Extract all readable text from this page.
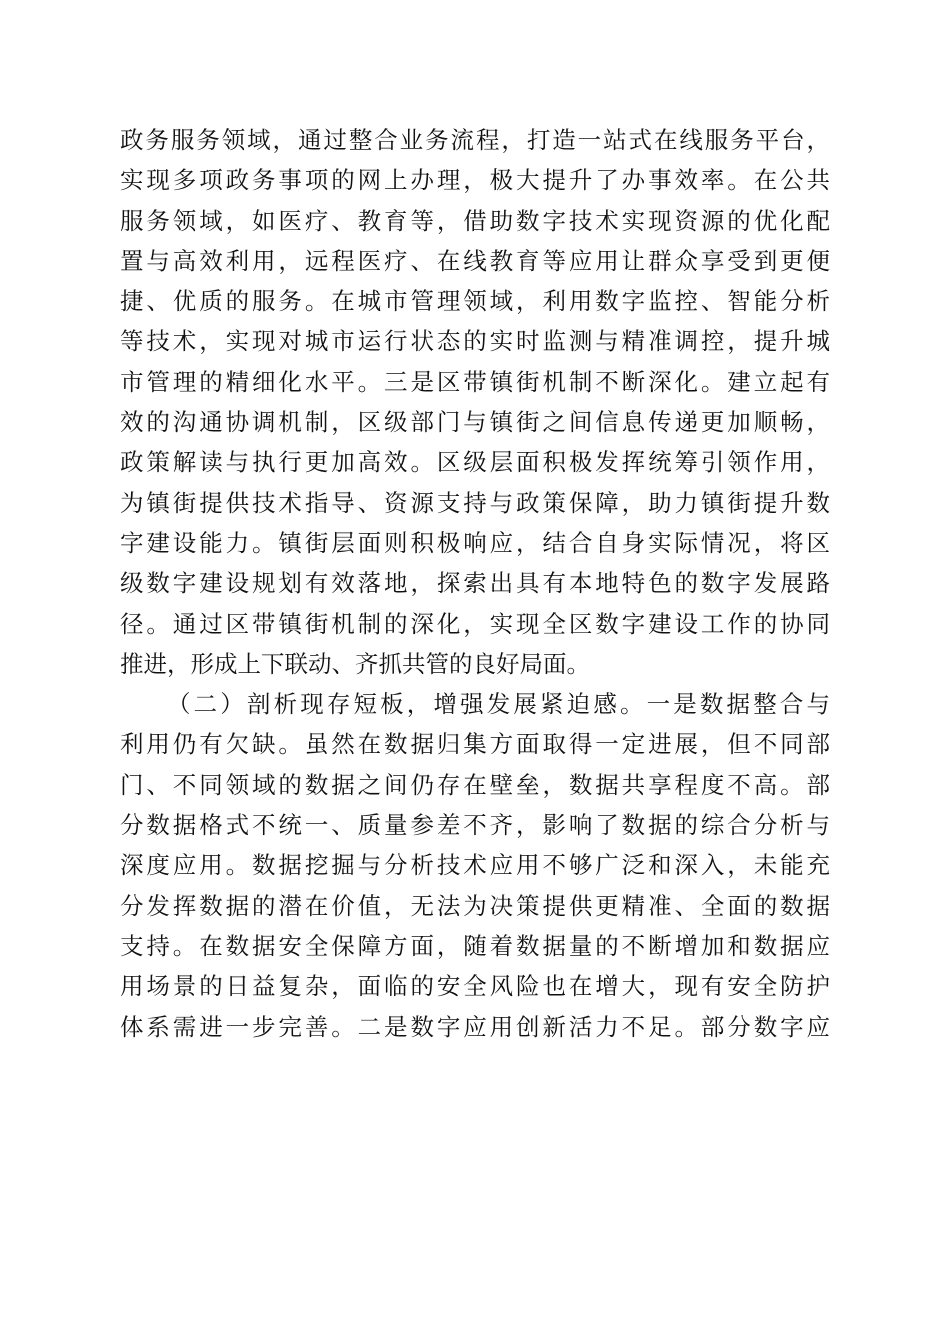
政务服务领域，通过整合业务流程，打造一站式在线服务平台，
实现多项政务事项的网上办理，极大提升了办事效率。在公共
服务领域，如医疗、教育等，借助数字技术实现资源的优化配
置与高效利用，远程医疗、在线教育等应用让群众享受到更便
捷、优质的服务。在城市管理领域，利用数字监控、智能分析
等技术，实现对城市运行状态的实时监测与精准调控，提升城
市管理的精细化水平。三是区带镇街机制不断深化。建立起有
效的沟通协调机制，区级部门与镇街之间信息传递更加顺畅，
政策解读与执行更加高效。区级层面积极发挥统筹引领作用，
为镇街提供技术指导、资源支持与政策保障，助力镇街提升数
字建设能力。镇街层面则积极响应，结合自身实际情况，将区
级数字建设规划有效落地，探索出具有本地特色的数字发展路
径。通过区带镇街机制的深化，实现全区数字建设工作的协同
推进，形成上下联动、齐抓共管的良好局面。
（二）剖析现存短板，增强发展紧迫感。一是数据整合与
利用仍有欠缺。虽然在数据归集方面取得一定进展，但不同部
门、不同领域的数据之间仍存在壁垒，数据共享程度不高。部
分数据格式不统一、质量参差不齐，影响了数据的综合分析与
深度应用。数据挖掘与分析技术应用不够广泛和深入，未能充
分发挥数据的潜在价值，无法为决策提供更精准、全面的数据
支持。在数据安全保障方面，随着数据量的不断增加和数据应
用场景的日益复杂，面临的安全风险也在增大，现有安全防护
体系需进一步完善。二是数字应用创新活力不足。部分数字应
